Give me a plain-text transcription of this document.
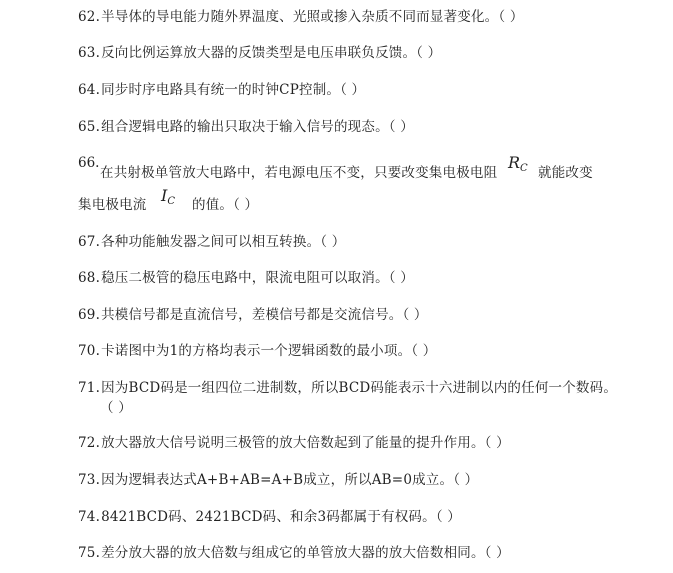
62.半导体的导电能力随外界温度、光照或掺入杂质不同而显著变化。（ ）
63.反向比例运算放大器的反馈类型是电压串联负反馈。（ ）
64.同步时序电路具有统一的时钟CP控制。（ ）
65.组合逻辑电路的输出只取决于输入信号的现态。（ ）
66.
在共射极单管放大电路中，若电源电压不变，只要改变集电极电阻
$R_C$ 就能改变
集电极电流 $I_C$ 的值。（ ）
67.各种功能触发器之间可以相互转换。（ ）
68.稳压二极管的稳压电路中，限流电阻可以取消。（ ）
69.共模信号都是直流信号，差模信号都是交流信号。（ ）
70.卡诺图中为1的方格均表示一个逻辑函数的最小项。（ ）
71.因为BCD码是一组四位二进制数，所以BCD码能表示十六进制以内的任何一个数码。
（ ）
72.放大器放大信号说明三极管的放大倍数起到了能量的提升作用。（ ）
73.因为逻辑表达式A+B+AB=A+B成立，所以AB=0成立。（ ）
74.8421BCD码、2421BCD码、和余3码都属于有权码。（ ）
75.差分放大器的放大倍数与组成它的单管放大器的放大倍数相同。（ ）
